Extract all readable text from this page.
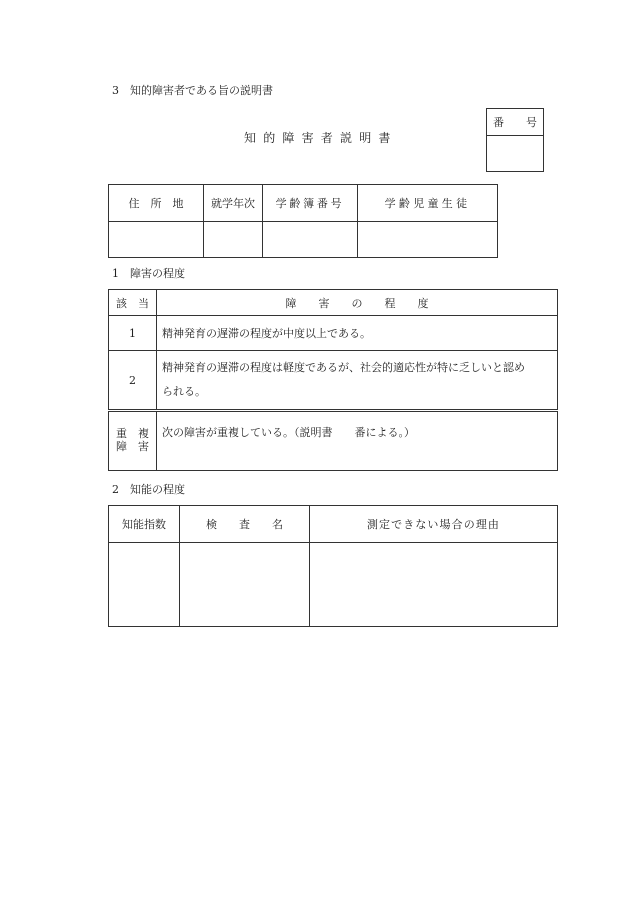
3　知的障害者である旨の説明書
知的障害者説明書
番 号
住　所　地	就学年次	学齢簿番号	学齢児童生徒

1　障害の程度
該　当	障　　害　　の　　程　　度
1	精神発育の遅滞の程度が中度以上である。
2	精神発育の遅滞の程度は軽度であるが、社会的適応性が特に乏しいと認め
られる。

重　複
障　害	次の障害が重複している。（説明書　　番による。）
2　知能の程度
知能指数	検　　査　　名	測定できない場合の理由
